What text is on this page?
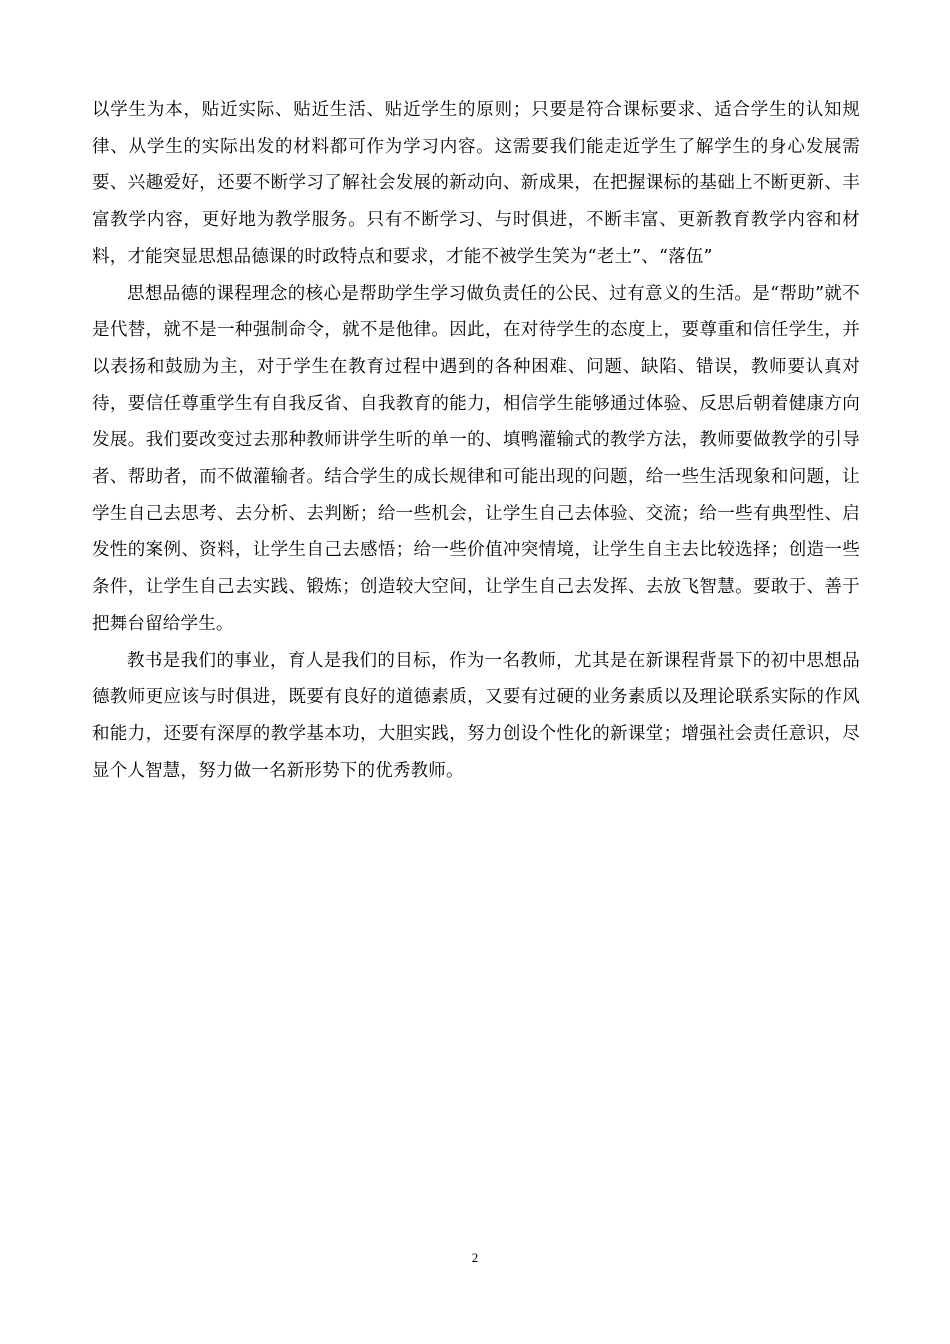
以学生为本，贴近实际、贴近生活、贴近学生的原则；只要是符合课标要求、适合学生的认知规律、从学生的实际出发的材料都可作为学习内容。这需要我们能走近学生了解学生的身心发展需要、兴趣爱好，还要不断学习了解社会发展的新动向、新成果，在把握课标的基础上不断更新、丰富教学内容，更好地为教学服务。只有不断学习、与时俱进，不断丰富、更新教育教学内容和材料，才能突显思想品德课的时政特点和要求，才能不被学生笑为“老土”、“落伍”

思想品德的课程理念的核心是帮助学生学习做负责任的公民、过有意义的生活。是“帮助”就不是代替，就不是一种强制命令，就不是他律。因此，在对待学生的态度上，要尊重和信任学生，并以表扬和鼓励为主，对于学生在教育过程中遇到的各种困难、问题、缺陷、错误，教师要认真对待，要信任尊重学生有自我反省、自我教育的能力，相信学生能够通过体验、反思后朝着健康方向发展。我们要改变过去那种教师讲学生听的单一的、填鸭灌输式的教学方法，教师要做教学的引导者、帮助者，而不做灌输者。结合学生的成长规律和可能出现的问题，给一些生活现象和问题，让学生自己去思考、去分析、去判断；给一些机会，让学生自己去体验、交流；给一些有典型性、启发性的案例、资料，让学生自己去感悟；给一些价值冲突情境，让学生自主去比较选择；创造一些条件，让学生自己去实践、锻炼；创造较大空间，让学生自己去发挥、去放飞智慧。要敢于、善于把舞台留给学生。

教书是我们的事业，育人是我们的目标，作为一名教师，尤其是在新课程背景下的初中思想品德教师更应该与时俱进，既要有良好的道德素质，又要有过硬的业务素质以及理论联系实际的作风和能力，还要有深厚的教学基本功，大胆实践，努力创设个性化的新课堂；增强社会责任意识，尽显个人智慧，努力做一名新形势下的优秀教师。

2
